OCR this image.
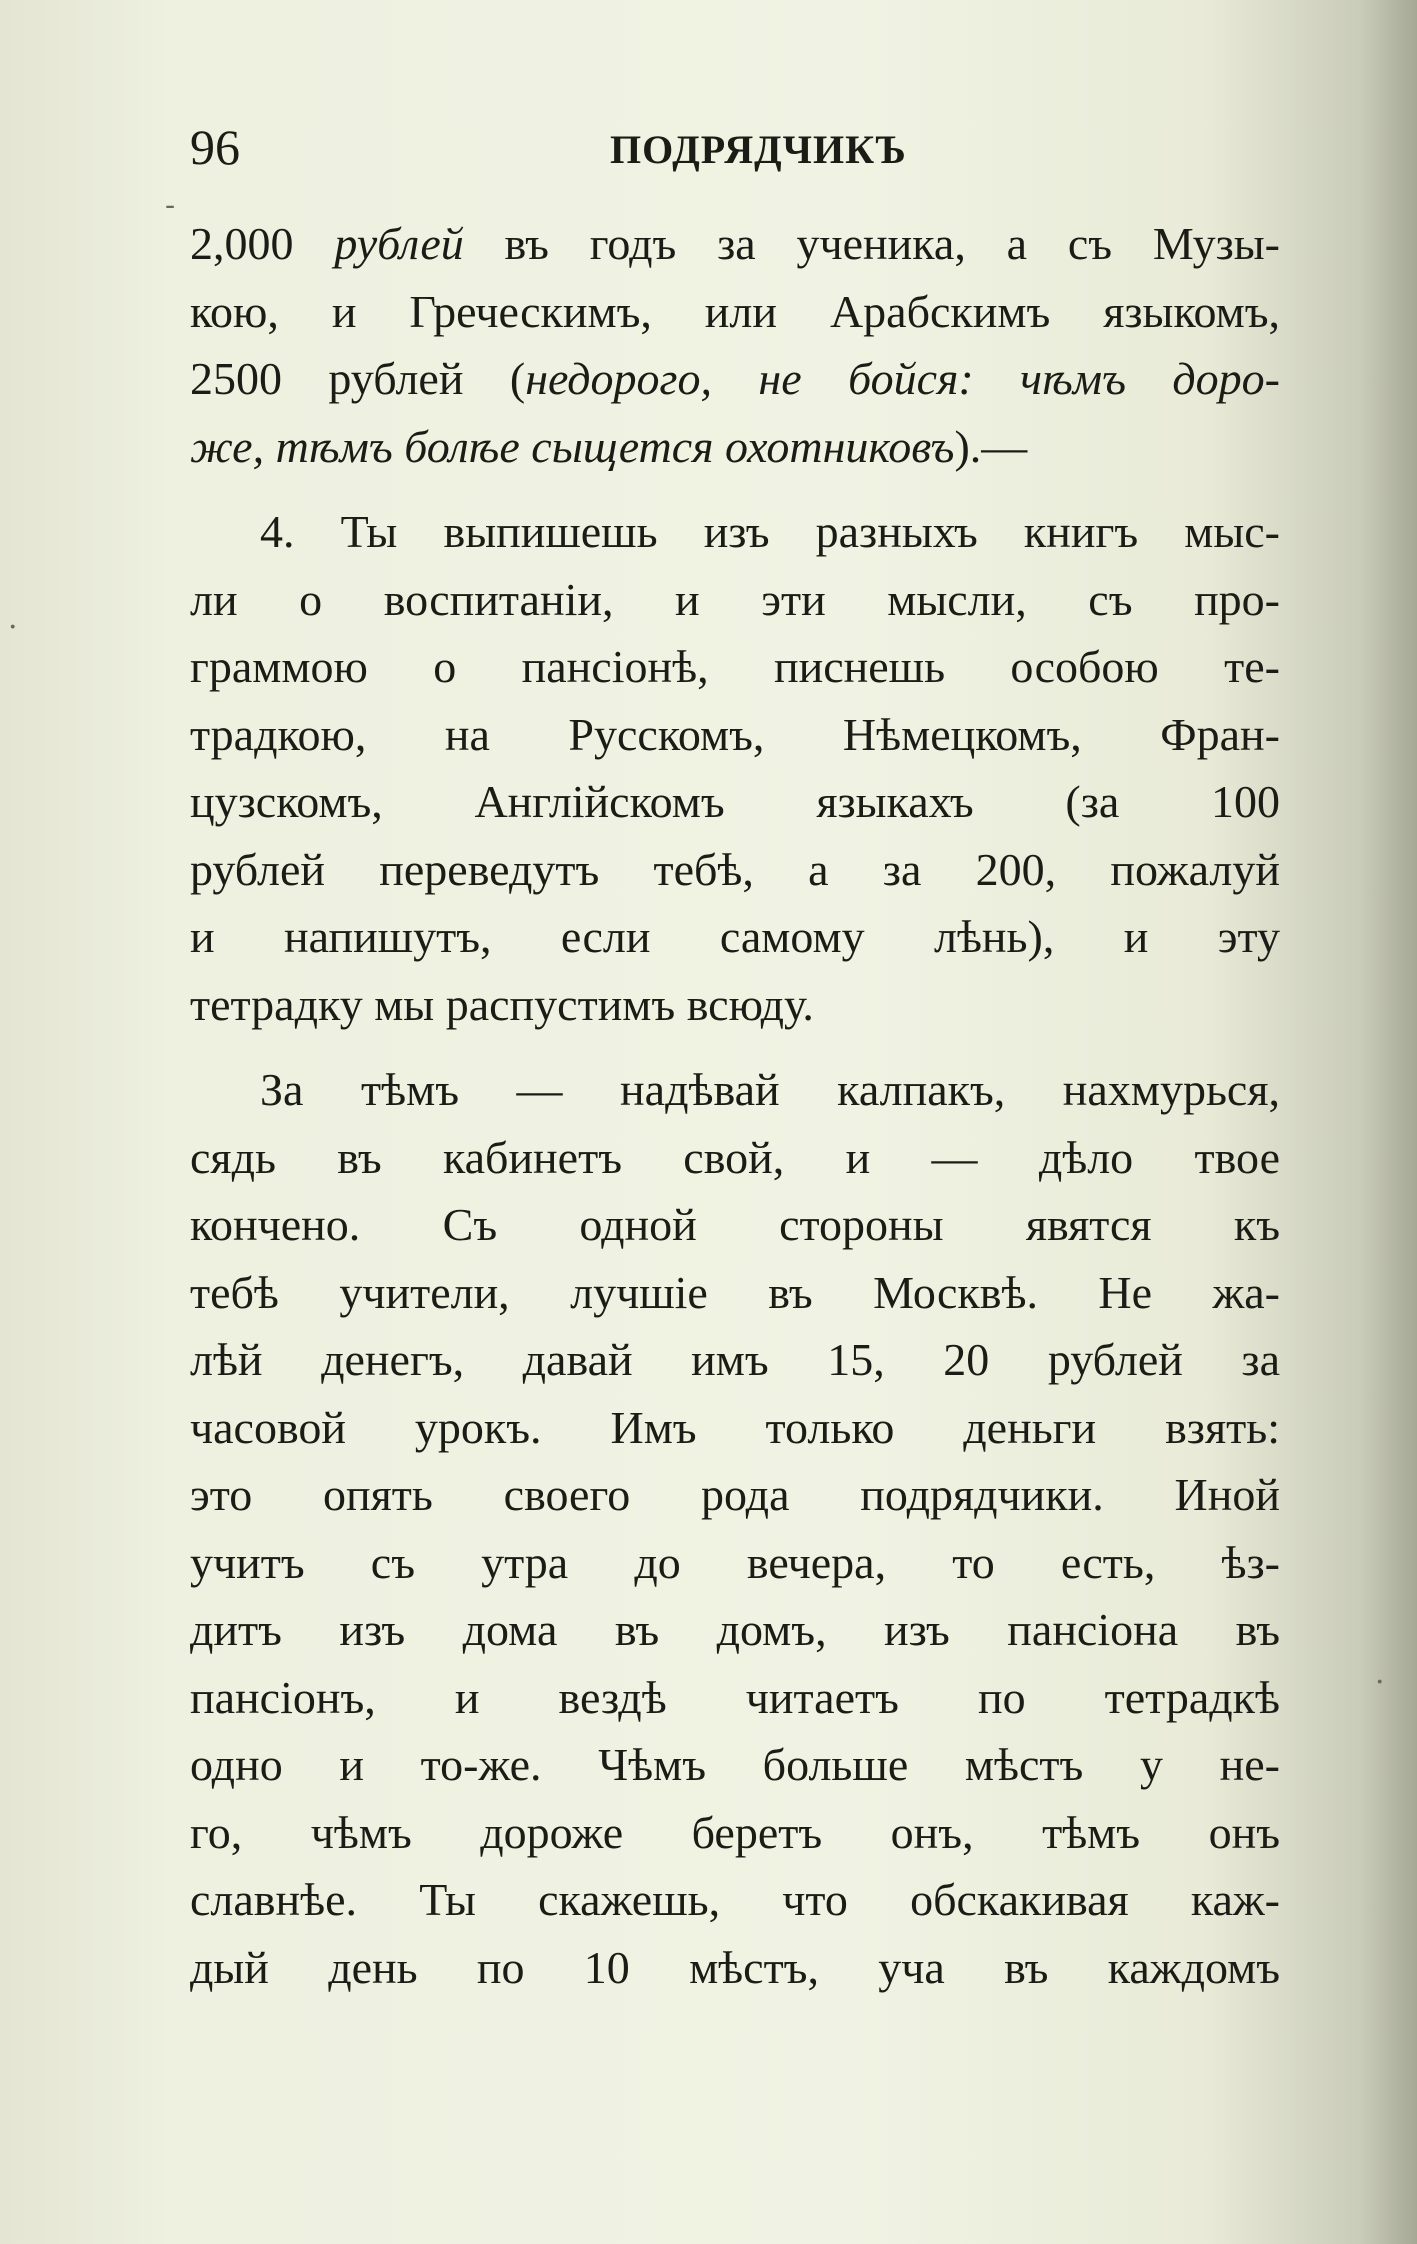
96	ПОДРЯДЧИКЪ
2,000 рублей въ годъ за ученика, а съ Музы-
кою, и Греческимъ, или Арабскимъ языкомъ,
2500 рублей (недорого, не бойся: чѣмъ доро-
же, тѣмъ болѣе сыщется охотниковъ).—
4. Ты выпишешь изъ разныхъ книгъ мыс-
ли о воспитаніи, и эти мысли, съ про-
граммою о пансіонѣ, пиcнешь особою те-
традкою, на Русскомъ, Нѣмецкомъ, Фран-
цузскомъ, Англійскомъ языкахъ (за 100
рублей переведутъ тебѣ, а за 200, пожалуй
и напишутъ, если самому лѣнь), и эту
тетрадку мы распустимъ всюду.
За тѣмъ — надѣвай калпакъ, нахмурься,
сядь въ кабинетъ свой, и — дѣло твое
кончено. Съ одной стороны явятся къ
тебѣ учители, лучшіе въ Москвѣ. Не жа-
лѣй денегъ, давай имъ 15, 20 рублей за
часовой урокъ. Имъ только деньги взять:
это опять своего рода подрядчики. Иной
учитъ съ утра до вечера, то есть, ѣз-
дитъ изъ дома въ домъ, изъ пансіона въ
пансіонъ, и вездѣ читаетъ по тетрадкѣ
одно и то-же. Чѣмъ больше мѣстъ у не-
го, чѣмъ дороже беретъ онъ, тѣмъ онъ
славнѣе. Ты скажешь, что обскакивая каж-
дый день по 10 мѣстъ, уча въ каждомъ
‐
·
·
